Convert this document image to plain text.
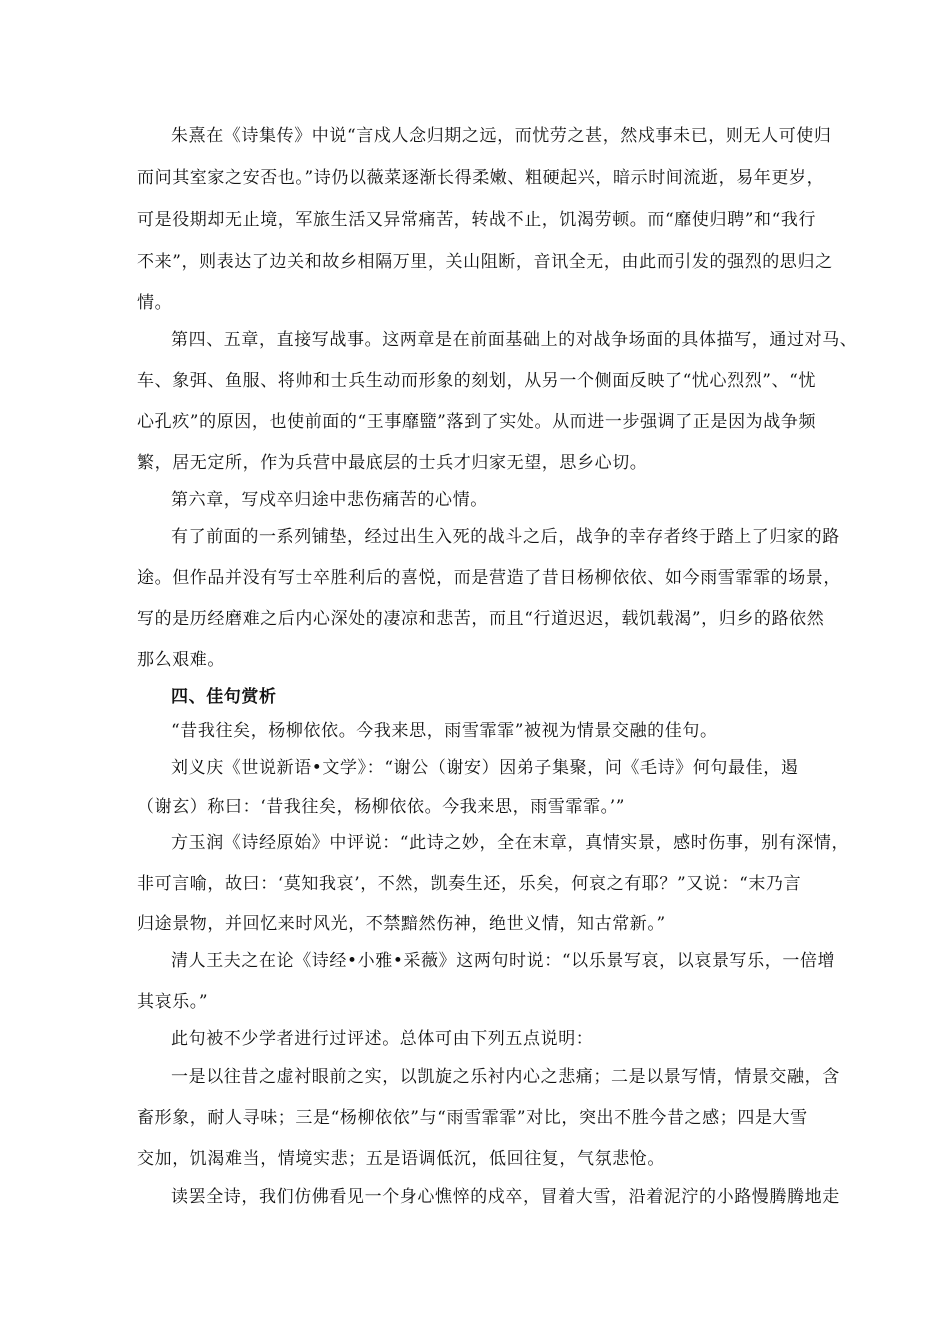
朱熹在《诗集传》中说“言戍人念归期之远，而忧劳之甚，然戍事未已，则无人可使归
而问其室家之安否也。”诗仍以薇菜逐渐长得柔嫩、粗硬起兴，暗示时间流逝，易年更岁，
可是役期却无止境，军旅生活又异常痛苦，转战不止，饥渴劳顿。而“靡使归聘”和“我行
不来”，则表达了边关和故乡相隔万里，关山阻断，音讯全无，由此而引发的强烈的思归之
情。
第四、五章，直接写战事。这两章是在前面基础上的对战争场面的具体描写，通过对马、
车、象弭、鱼服、将帅和士兵生动而形象的刻划，从另一个侧面反映了“忧心烈烈”、“忧
心孔疚”的原因，也使前面的“王事靡盬”落到了实处。从而进一步强调了正是因为战争频
繁，居无定所，作为兵营中最底层的士兵才归家无望，思乡心切。
第六章，写戍卒归途中悲伤痛苦的心情。
有了前面的一系列铺垫，经过出生入死的战斗之后，战争的幸存者终于踏上了归家的路
途。但作品并没有写士卒胜利后的喜悦，而是营造了昔日杨柳依依、如今雨雪霏霏的场景，
写的是历经磨难之后内心深处的凄凉和悲苦，而且“行道迟迟，载饥载渴”，归乡的路依然
那么艰难。
四、佳句赏析
“昔我往矣，杨柳依依。今我来思，雨雪霏霏”被视为情景交融的佳句。
刘义庆《世说新语•文学》：“谢公（谢安）因弟子集聚，问《毛诗》何句最佳，遏
（谢玄）称曰：‘昔我往矣，杨柳依依。今我来思，雨雪霏霏。’”
方玉润《诗经原始》中评说：“此诗之妙，全在末章，真情实景，感时伤事，别有深情，
非可言喻，故曰：‘莫知我哀’，不然，凯奏生还，乐矣，何哀之有耶？”又说：“末乃言
归途景物，并回忆来时风光，不禁黯然伤神，绝世义情，知古常新。”
清人王夫之在论《诗经•小雅•采薇》这两句时说：“以乐景写哀，以哀景写乐，一倍增
其哀乐。”
此句被不少学者进行过评述。总体可由下列五点说明：
一是以往昔之虚衬眼前之实，以凯旋之乐衬内心之悲痛；二是以景写情，情景交融，含
畜形象，耐人寻味；三是“杨柳依依”与“雨雪霏霏”对比，突出不胜今昔之感；四是大雪
交加，饥渴难当，情境实悲；五是语调低沉，低回往复，气氛悲怆。
读罢全诗，我们仿佛看见一个身心憔悴的戍卒，冒着大雪，沿着泥泞的小路慢腾腾地走
